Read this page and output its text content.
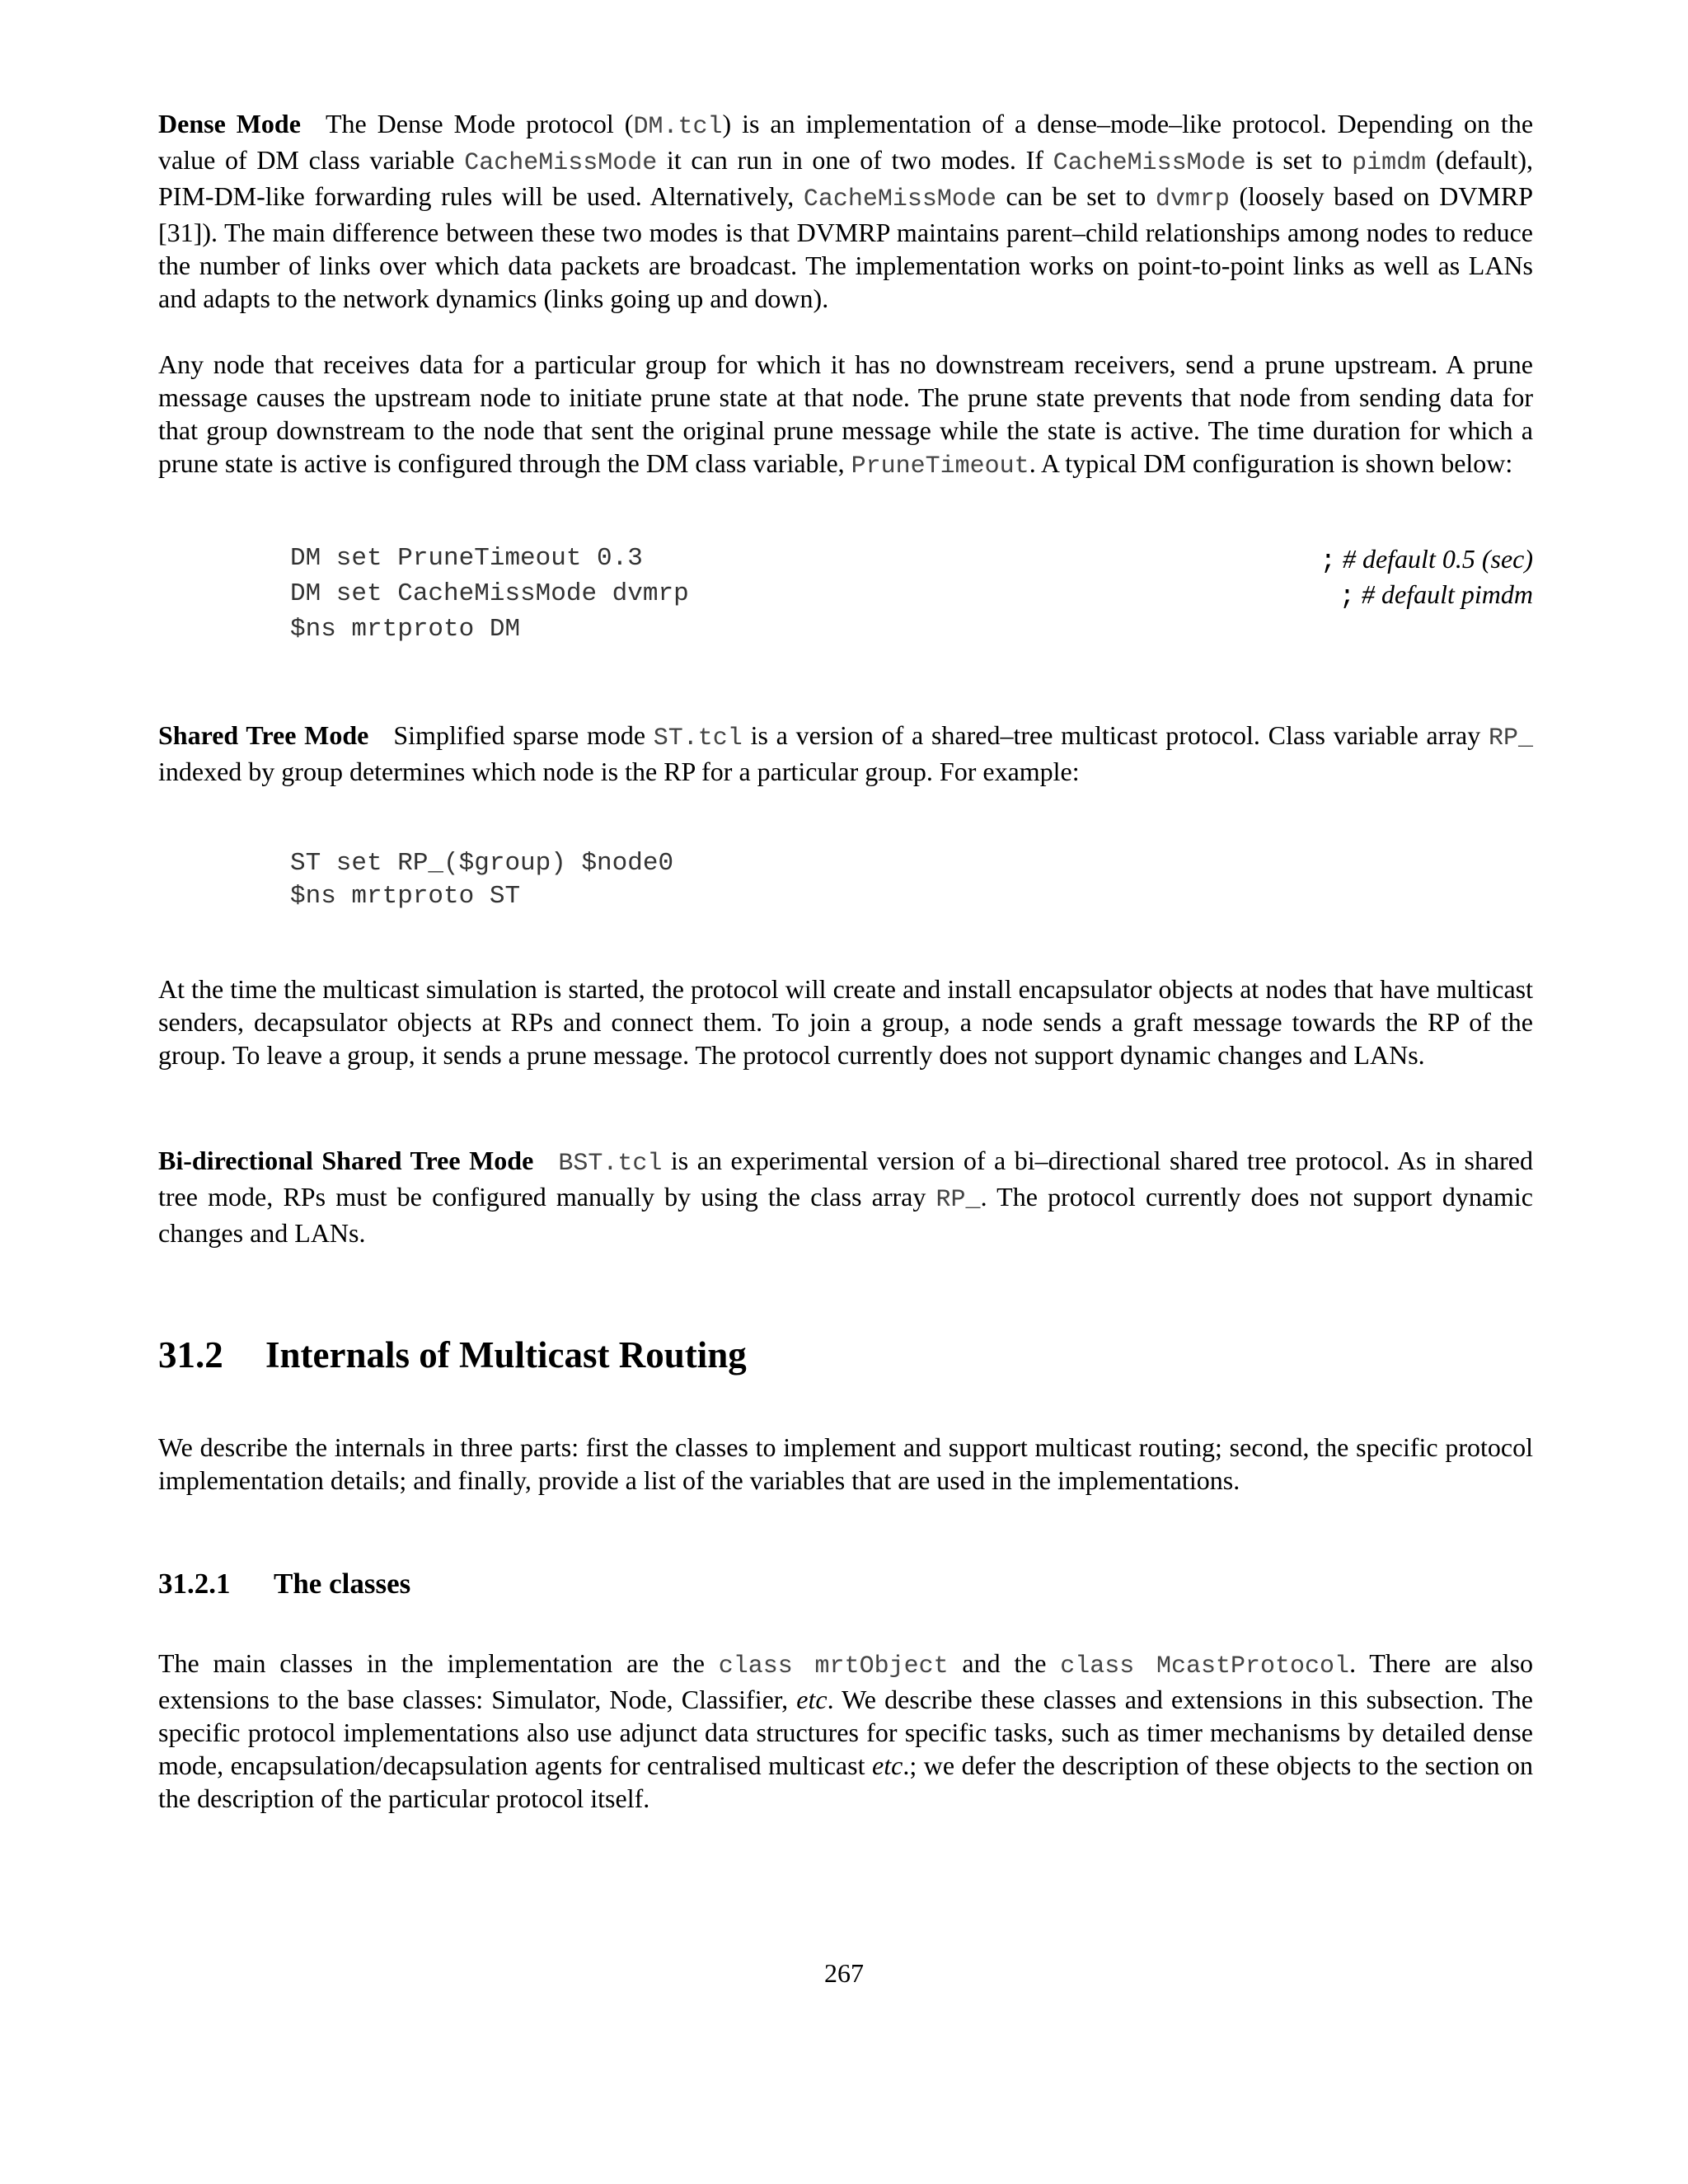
Dense Mode The Dense Mode protocol (DM.tcl) is an implementation of a dense–mode–like protocol. Depending on the value of DM class variable CacheMissMode it can run in one of two modes. If CacheMissMode is set to pimdm (default), PIM-DM-like forwarding rules will be used. Alternatively, CacheMissMode can be set to dvmrp (loosely based on DVMRP [31]). The main difference between these two modes is that DVMRP maintains parent–child relationships among nodes to reduce the number of links over which data packets are broadcast. The implementation works on point-to-point links as well as LANs and adapts to the network dynamics (links going up and down).

Any node that receives data for a particular group for which it has no downstream receivers, send a prune upstream. A prune message causes the upstream node to initiate prune state at that node. The prune state prevents that node from sending data for that group downstream to the node that sent the original prune message while the state is active. The time duration for which a prune state is active is configured through the DM class variable, PruneTimeout. A typical DM configuration is shown below:

DM set PruneTimeout 0.3	; # default 0.5 (sec)
DM set CacheMissMode dvmrp	; # default pimdm
$ns mrtproto DM

Shared Tree Mode Simplified sparse mode ST.tcl is a version of a shared–tree multicast protocol. Class variable array RP_ indexed by group determines which node is the RP for a particular group. For example:

ST set RP_($group) $node0
$ns mrtproto ST

At the time the multicast simulation is started, the protocol will create and install encapsulator objects at nodes that have multicast senders, decapsulator objects at RPs and connect them. To join a group, a node sends a graft message towards the RP of the group. To leave a group, it sends a prune message. The protocol currently does not support dynamic changes and LANs.

Bi-directional Shared Tree Mode BST.tcl is an experimental version of a bi–directional shared tree protocol. As in shared tree mode, RPs must be configured manually by using the class array RP_. The protocol currently does not support dynamic changes and LANs.

31.2 Internals of Multicast Routing

We describe the internals in three parts: first the classes to implement and support multicast routing; second, the specific protocol implementation details; and finally, provide a list of the variables that are used in the implementations.

31.2.1 The classes

The main classes in the implementation are the class mrtObject and the class McastProtocol. There are also extensions to the base classes: Simulator, Node, Classifier, etc. We describe these classes and extensions in this subsection. The specific protocol implementations also use adjunct data structures for specific tasks, such as timer mechanisms by detailed dense mode, encapsulation/decapsulation agents for centralised multicast etc.; we defer the description of these objects to the section on the description of the particular protocol itself.

267
